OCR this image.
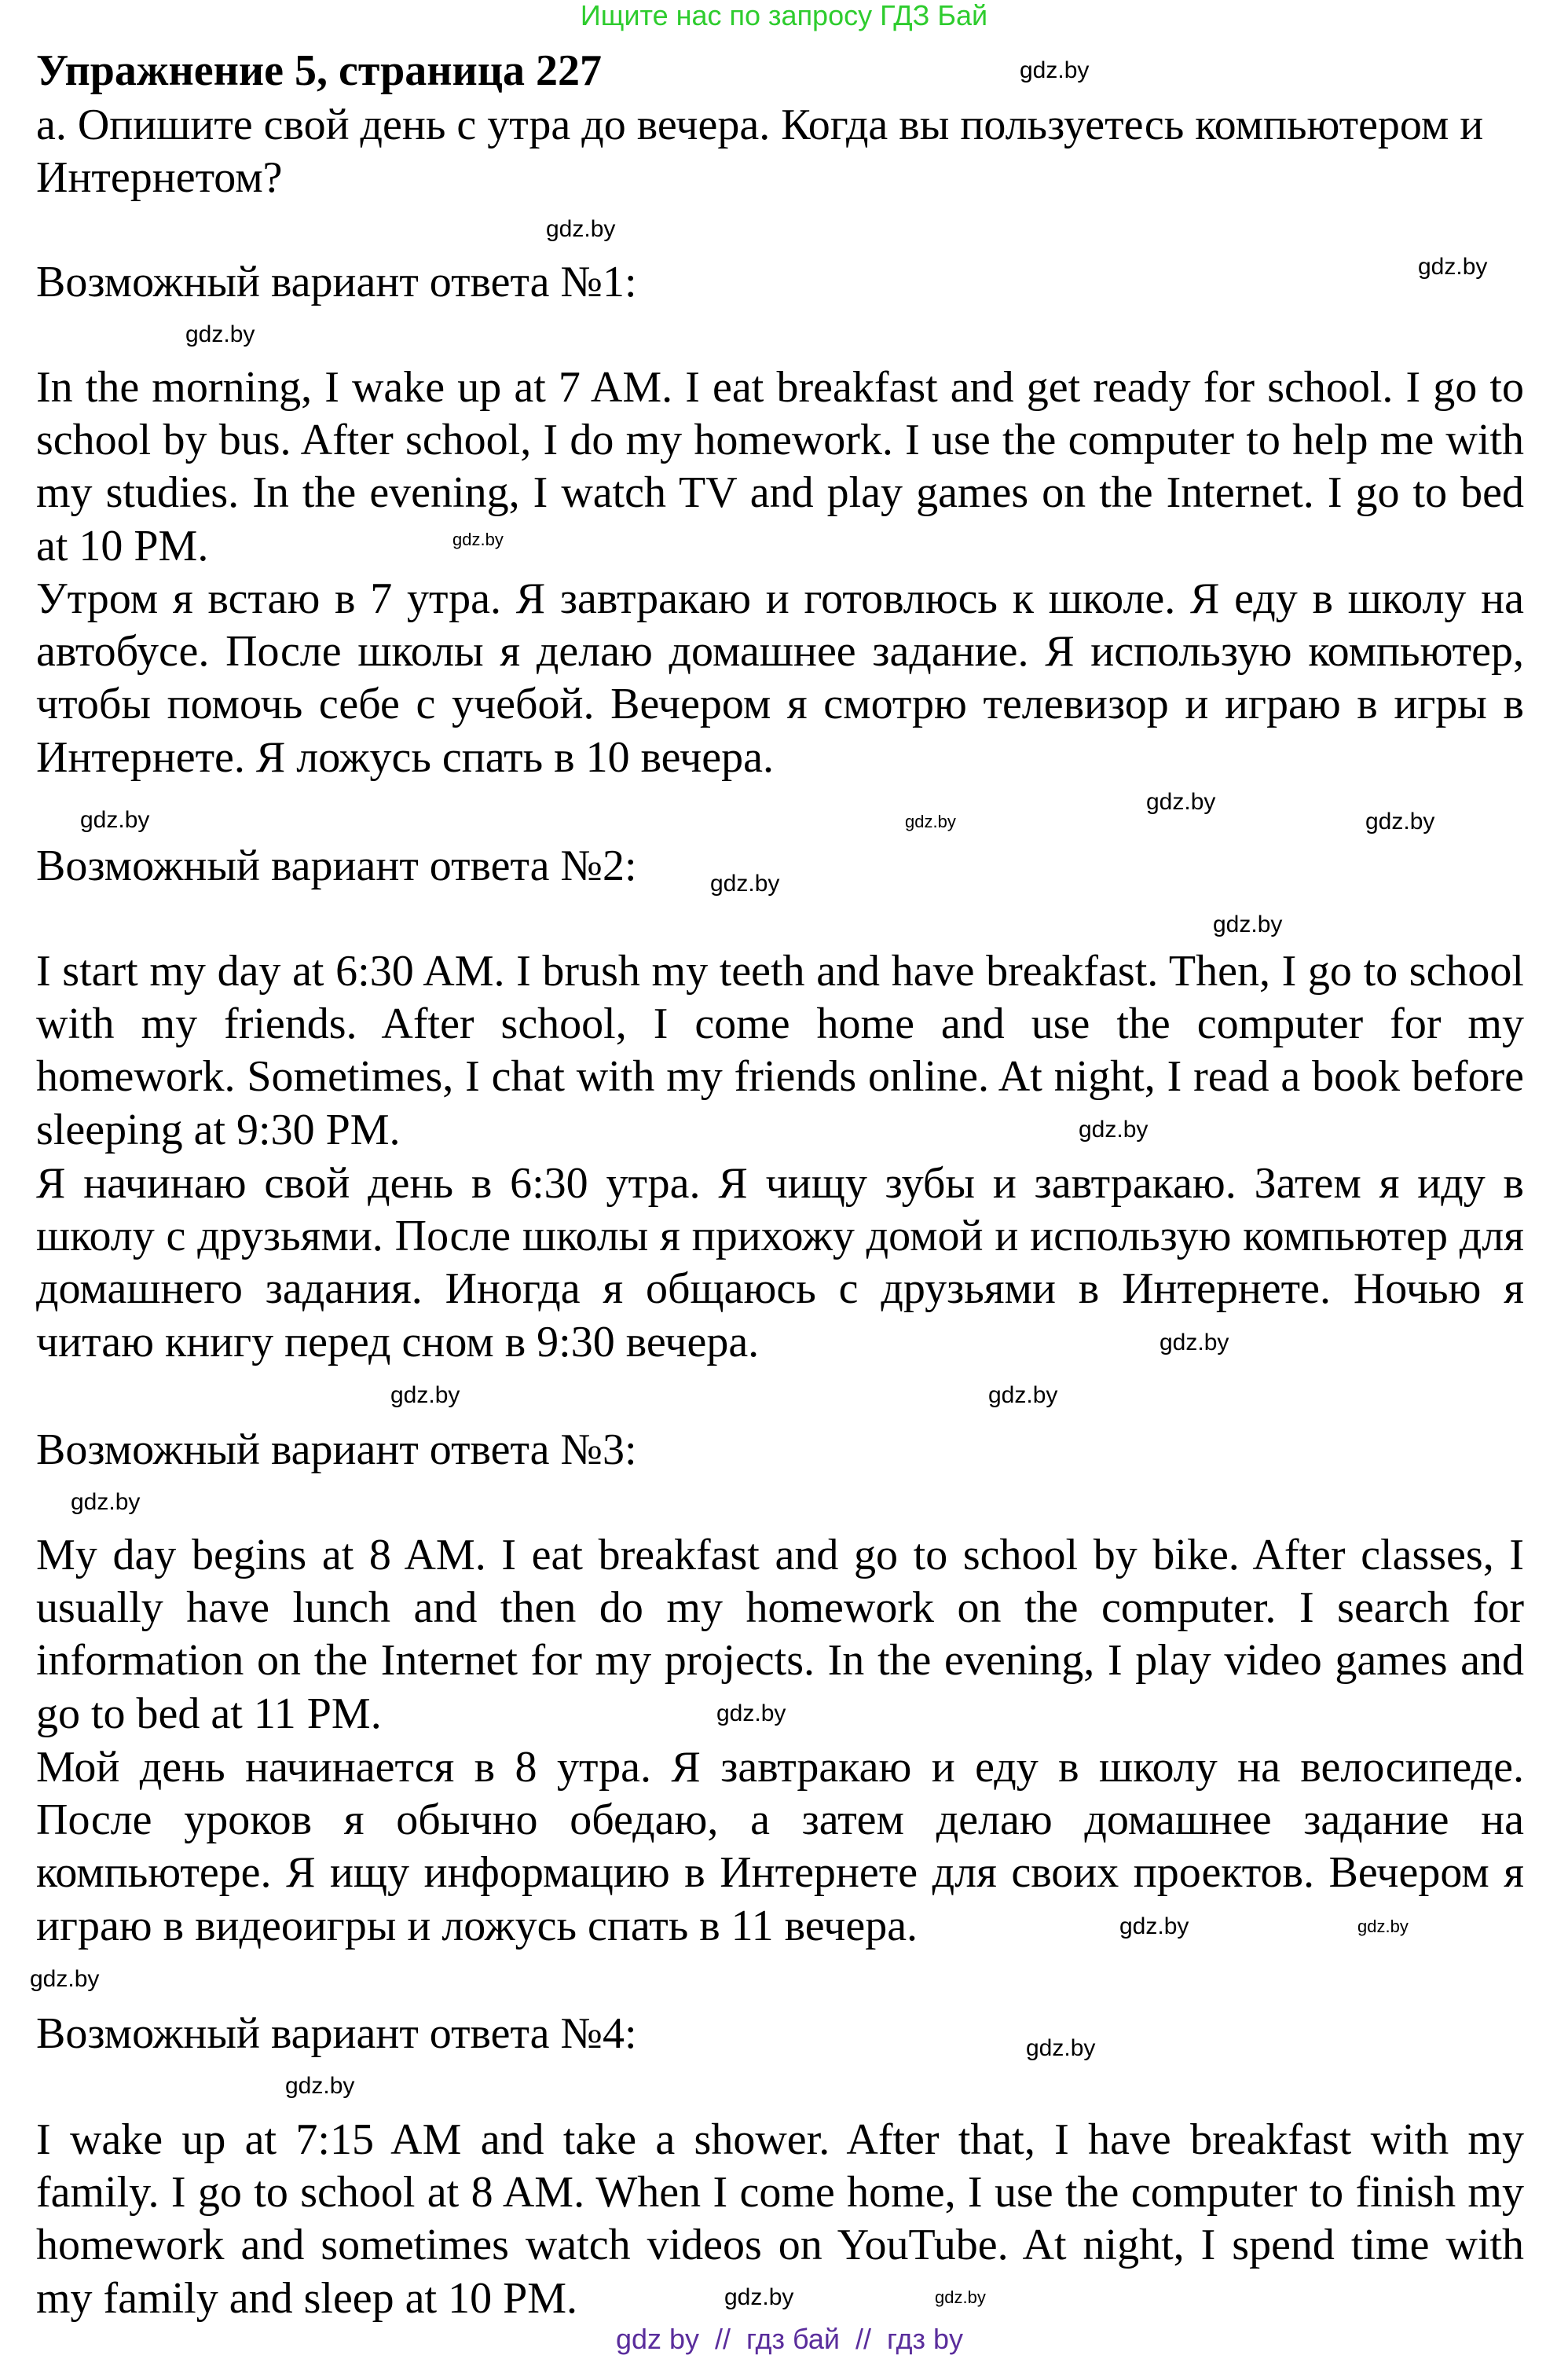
Ищите нас по запросу ГДЗ Бай
Упражнение 5, страница 227
a. Опишите свой день с утра до вечера. Когда вы пользуетесь компьютером и Интернетом?
Возможный вариант ответа №1:
In the morning, I wake up at 7 AM. I eat breakfast and get ready for school. I go to school by bus. After school, I do my homework. I use the computer to help me with my studies. In the evening, I watch TV and play games on the Internet. I go to bed at 10 PM.
Утром я встаю в 7 утра. Я завтракаю и готовлюсь к школе. Я еду в школу на автобусе. После школы я делаю домашнее задание. Я использую компьютер, чтобы помочь себе с учебой. Вечером я смотрю телевизор и играю в игры в Интернете. Я ложусь спать в 10 вечера.
Возможный вариант ответа №2:
I start my day at 6:30 AM. I brush my teeth and have breakfast. Then, I go to school with my friends. After school, I come home and use the computer for my homework. Sometimes, I chat with my friends online. At night, I read a book before sleeping at 9:30 PM.
Я начинаю свой день в 6:30 утра. Я чищу зубы и завтракаю. Затем я иду в школу с друзьями. После школы я прихожу домой и использую компьютер для домашнего задания. Иногда я общаюсь с друзьями в Интернете. Ночью я читаю книгу перед сном в 9:30 вечера.
Возможный вариант ответа №3:
My day begins at 8 AM. I eat breakfast and go to school by bike. After classes, I usually have lunch and then do my homework on the computer. I search for information on the Internet for my projects. In the evening, I play video games and go to bed at 11 PM.
Мой день начинается в 8 утра. Я завтракаю и еду в школу на велосипеде. После уроков я обычно обедаю, а затем делаю домашнее задание на компьютере. Я ищу информацию в Интернете для своих проектов. Вечером я играю в видеоигры и ложусь спать в 11 вечера.
Возможный вариант ответа №4:
I wake up at 7:15 AM and take a shower. After that, I have breakfast with my family. I go to school at 8 AM. When I come home, I use the computer to finish my homework and sometimes watch videos on YouTube. At night, I spend time with my family and sleep at 10 PM.
gdz.by
gdz.by
gdz.by
gdz.by
gdz.by
gdz.by	gdz.by
gdz.by
gdz.by
gdz.by
gdz.by
gdz.by
gdz.by
gdz.by
gdz.by
gdz.by
gdz.by
gdz.by
gdz.by
gdz.by
gdz.by
gdz.by
gdz.by
gdz.by
gdz by  //  гдз бай  //  гдз by
